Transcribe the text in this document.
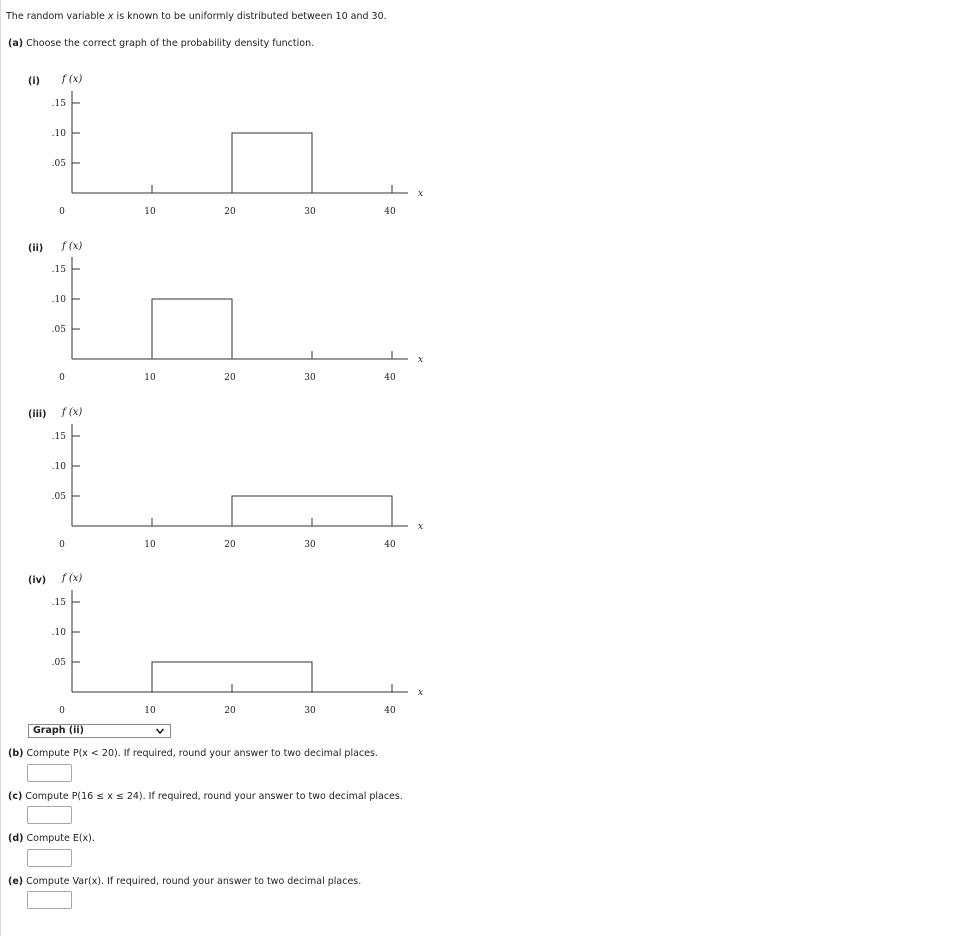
The random variable x is known to be uniformly distributed between 10 and 30.
(a) Choose the correct graph of the probability density function.
(i) f (x)
.15
.10
.05
0	10	20	30	40
x
(ii) f (x)
.15
.10
.05
0	10	20	30	40
x
(iii) f (x)
.15
.10
.05
0	10	20	30	40
x
(iv) f (x)
.15
.10
.05
0	10	20	30	40
x
Graph (ii)
(b) Compute P(x < 20). If required, round your answer to two decimal places.
(c) Compute P(16 ≤ x ≤ 24). If required, round your answer to two decimal places.
(d) Compute E(x).
(e) Compute Var(x). If required, round your answer to two decimal places.
